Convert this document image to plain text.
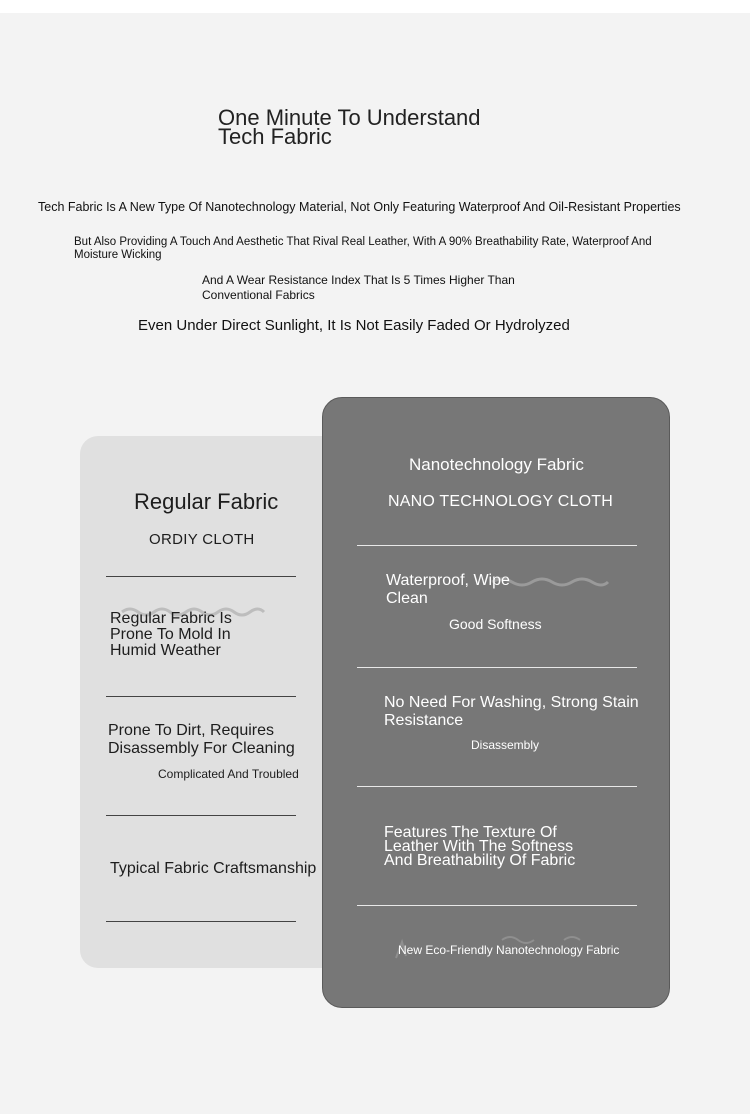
One Minute To Understand
Tech Fabric
Tech Fabric Is A New Type Of Nanotechnology Material, Not Only Featuring Waterproof And Oil-Resistant Properties
But Also Providing A Touch And Aesthetic That Rival Real Leather, With A 90% Breathability Rate, Waterproof And Moisture Wicking
And A Wear Resistance Index That Is 5 Times Higher Than Conventional Fabrics
Even Under Direct Sunlight, It Is Not Easily Faded Or Hydrolyzed
Regular Fabric
ORDIY CLOTH
Regular Fabric Is Prone To Mold In Humid Weather
Prone To Dirt, Requires Disassembly For Cleaning
Complicated And Troubled
Typical Fabric Craftsmanship
Nanotechnology Fabric
NANO TECHNOLOGY CLOTH
Waterproof, Wipe Clean
Good Softness
No Need For Washing, Strong Stain Resistance
Disassembly
Features The Texture Of Leather With The Softness And Breathability Of Fabric
New Eco-Friendly Nanotechnology Fabric
